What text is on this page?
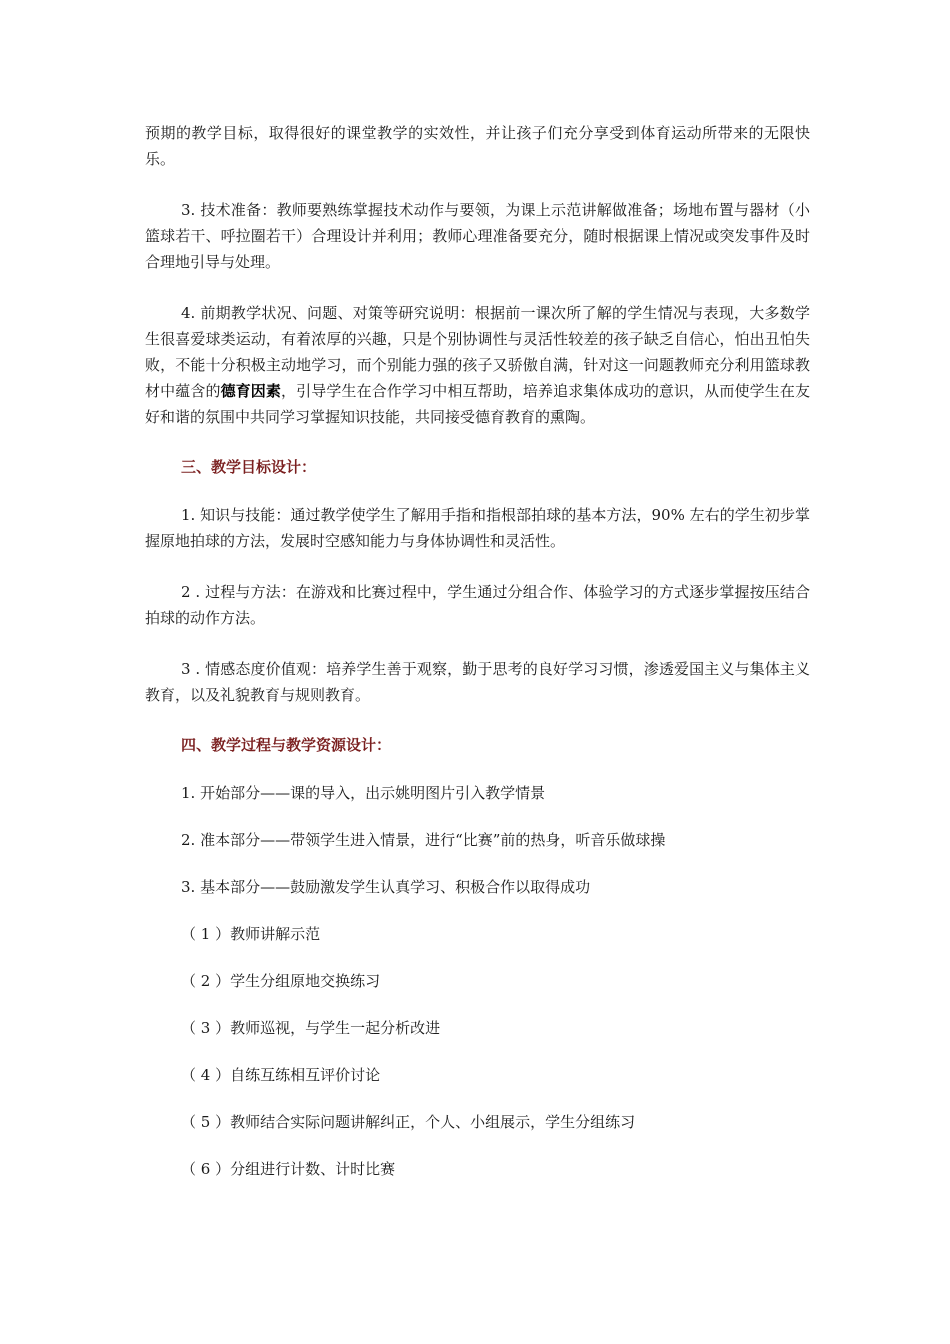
预期的教学目标，取得很好的课堂教学的实效性，并让孩子们充分享受到体育运动所带来的无限快乐。

3. 技术准备：教师要熟练掌握技术动作与要领，为课上示范讲解做准备；场地布置与器材（小篮球若干、呼拉圈若干）合理设计并利用；教师心理准备要充分，随时根据课上情况或突发事件及时合理地引导与处理。

4. 前期教学状况、问题、对策等研究说明：根据前一课次所了解的学生情况与表现，大多数学生很喜爱球类运动，有着浓厚的兴趣，只是个别协调性与灵活性较差的孩子缺乏自信心，怕出丑怕失败，不能十分积极主动地学习，而个别能力强的孩子又骄傲自满，针对这一问题教师充分利用篮球教材中蕴含的德育因素，引导学生在合作学习中相互帮助，培养追求集体成功的意识，从而使学生在友好和谐的氛围中共同学习掌握知识技能，共同接受德育教育的熏陶。

三、教学目标设计：

1. 知识与技能：通过教学使学生了解用手指和指根部拍球的基本方法，90% 左右的学生初步掌握原地拍球的方法，发展时空感知能力与身体协调性和灵活性。

2 . 过程与方法：在游戏和比赛过程中，学生通过分组合作、体验学习的方式逐步掌握按压结合拍球的动作方法。

3 . 情感态度价值观：培养学生善于观察，勤于思考的良好学习习惯，渗透爱国主义与集体主义教育，以及礼貌教育与规则教育。

四、教学过程与教学资源设计：

1. 开始部分——课的导入，出示姚明图片引入教学情景

2. 准本部分——带领学生进入情景，进行“比赛”前的热身，听音乐做球操

3. 基本部分——鼓励激发学生认真学习、积极合作以取得成功

（ 1 ）教师讲解示范

（ 2 ）学生分组原地交换练习

（ 3 ）教师巡视，与学生一起分析改进

（ 4 ）自练互练相互评价讨论

（ 5 ）教师结合实际问题讲解纠正，个人、小组展示，学生分组练习

（ 6 ）分组进行计数、计时比赛
